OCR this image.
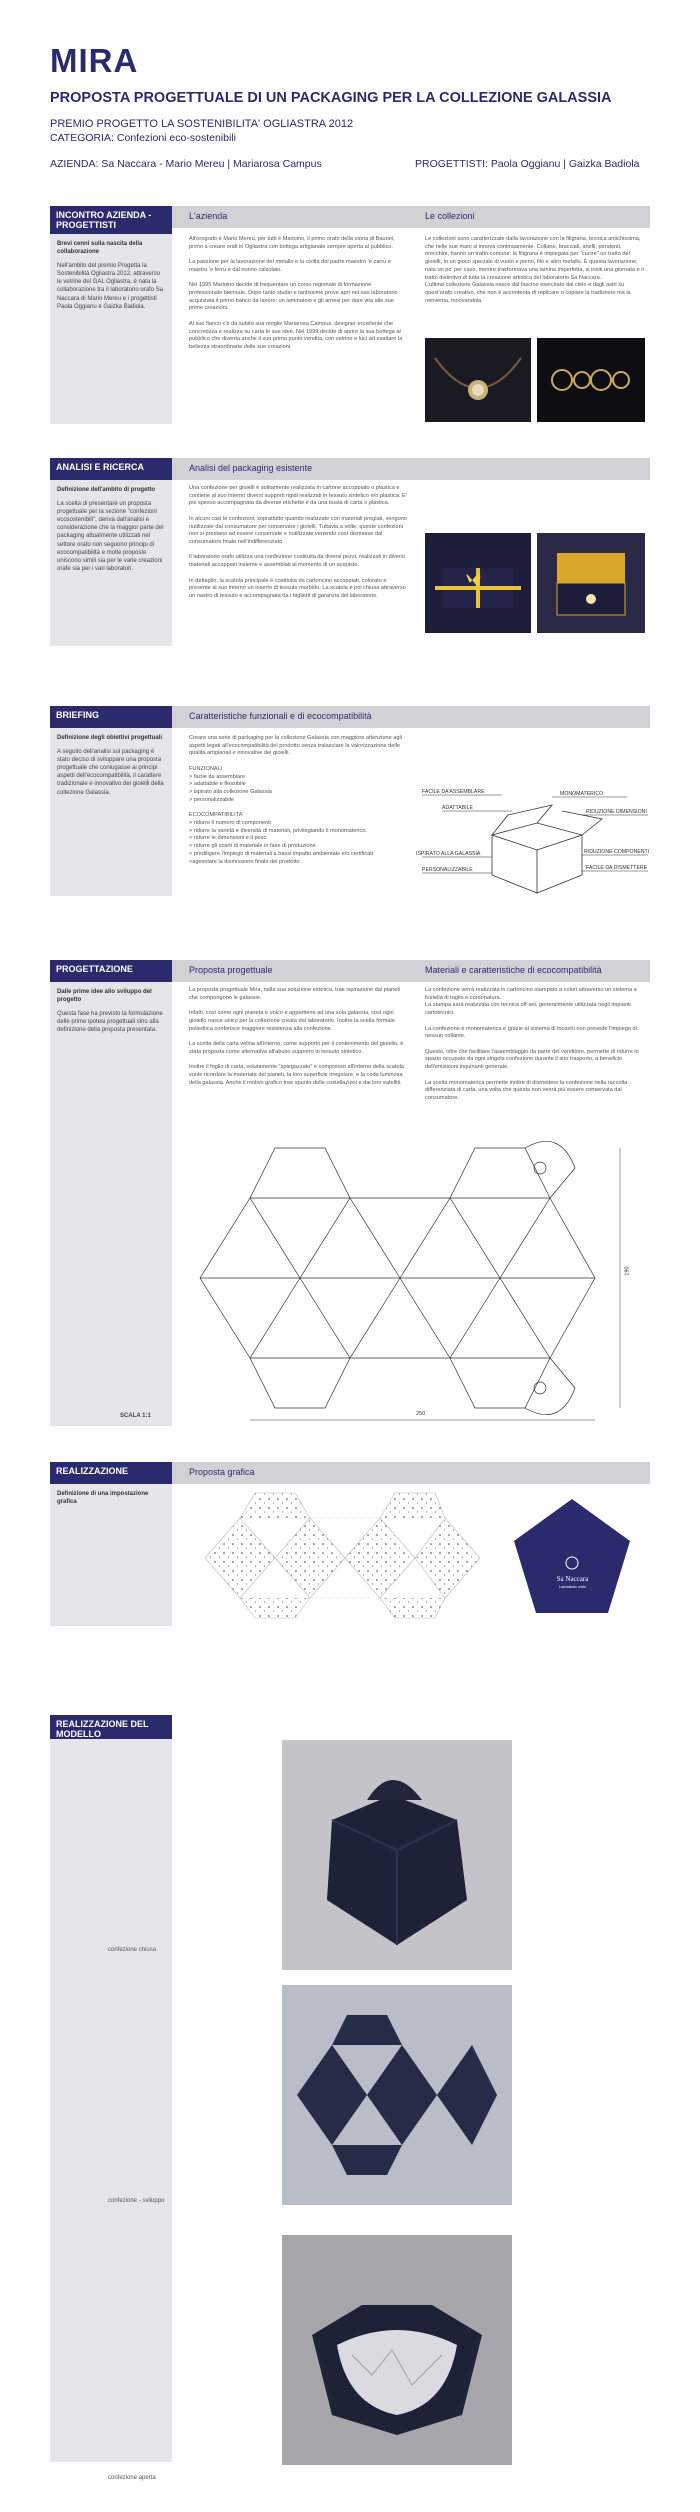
MIRA
PROPOSTA PROGETTUALE DI UN PACKAGING PER LA COLLEZIONE GALASSIA
PREMIO PROGETTO LA SOSTENIBILITA' OGLIASTRA 2012
CATEGORIA: Confezioni eco-sostenibili
AZIENDA: Sa Naccara - Mario Mereu | Mariarosa Campus	PROGETTISTI: Paola Oggianu | Gaizka Badiola
INCONTRO AZIENDA - PROGETTISTI
Brevi cenni sulla nascita della collaborazione
Nell'ambito del premio Progetta la Sostenibilità Ogliastra 2012, attraverso le vetrine del GAL Ogliastra, è nata la collaborazione tra il laboratorio orafo Sa Naccara di Mario Mereu e i progettisti Paola Oggianu e Gaizka Badiola.
L'azienda	Le collezioni
All'orografo è Mario Mereu, per tutti è Marioino, il primo orafo della storia di Baunei, primo a creare orafi in Ogliastra con bottega artigianale sempre aperta al pubblico.

La passione per la lavorazione del metallo e la civiltà del padre maestro 'e carru e maistru 'e ferru e dal nonno calzolaio.

Nel 1995 Marioino decide di frequentare un corso regionale di formazione professionale biennale. Dopo tanto studio e tantissime prove aprì nel suo laboratorio acquistata il primo banco da lavoro: un laminatoio e gli arnesi per dare vita alle sue prime creazioni.

Al suo fianco c'è da subito sua moglie Mariarosa Campus, designer eccellente che concretizza e realizza su carta le sue idee. Nel 1999 decide di aprire la sua bottega al pubblico che diventa anche il suo primo punto vendita, con vetrine e luci ad esaltare la bellezza straordinaria delle sue creazioni.
Le collezioni sono caratterizzate dalla lavorazione con la filigrana, tecnica antichissima, che nelle sue mani si innova continuamente. Collane, bracciali, anelli, pendenti, orecchini, hanno un tratto comune: la filigrana è impiegata per "cucire" un tratto dei gioielli, in un gioco speciale di vuoto e pieno, filo e altro metallo. È questa lavorazione, nata un po' per caso, mentre trasformava una lamina imperfetta, si insiti una giornata e il tratto distintivo di tutta la creazione artistica del laboratorio Sa Naccara.
L'ultima collezione Galassia nasce dal fascino esercitato dal cielo e dagli astri su quest'orafo creativo, che non è accontenta di replicare o copiare la tradizione ma la reinventa, innovandola.
ANALISI E RICERCA
Definizione dell'ambito di progetto
La scelta di presentare un proposta progettuale per la sezione "confezioni ecosostenibili", deriva dall'analisi e considerazione che la maggior parte del packaging attualmente utilizzati nel settore orafo non seguono principi di ecocompatibilità e molte proposte uniscono simili sia per le varie creazioni orafe sia per i vari laboratori.
Analisi del packaging esistente
Una confezione per gioielli è solitamente realizzata in cartone accoppiato o plastica e contiene al suo interno diversi supporti rigidi realizzati in tessuto sintetico e/o plastica. E' poi spesso accompagnata da diverse etichette e da una busta di carta o plastica.

In alcuni casi le confezioni, soprattutto quando realizzate con materiali pregiati, vengono riutilizzate dal consumatore per conservare i gioielli. Tuttavia a volte, queste confezioni non si prestano ad essere conservate e riutilizzate venendo così dismesse dal consumatore finale nell'indifferenziato.

Il laboratorio orafo utilizza una confezione costituita da diversi pezzi, realizzati in diversi materiali accoppiati insieme e assemblati al momento di un acquisto.

In dettaglio, la scatola principale è costituita da cartoncino accoppiati, colorato e presente al suo interno un inserto di tessuto morbido. La scatola è poi chiusa attraverso un nastro di tessuto e accompagnata da i biglietti di garanzia del laboratorio.
BRIEFING
Definizione degli obiettivi progettuali
A seguito dell'analisi sul packaging è stato deciso di sviluppare una proposta progettuale che coniugasse ai principi aspetti dell'ecocompatibilità, il carattere tradizionale e innovativo dei gioielli della collezione Galassia.
Caratteristiche funzionali e di ecocompatibilità
Creare una serie di packaging per la collezione Galassia con maggiore attenzione agli aspetti legati all'ecocompatibilità del prodotto senza tralasciare la valorizzazione delle qualità artigianali e innovative dei gioielli.

FUNZIONALI
> facile da assemblare
> adattabile e flessibile
> ispirato alla collezione Galassia
> personalizzabile

ECOCOMPATIBILITA'
> ridurre il numero di componenti
> ridurre la varietà e diversità di materiali, privilegiando il monomaterico.
> ridurre le dimensioni e il peso
> ridurre gli scarti di materiale in fase di produzione
> prediligere l'impiego di materiali a bassi impatto ambientale e/o certificati
>agevolare la dismissione finale del prodotto
FACILE DA ASSEMBLARE
ADATTABILE
MONOMATERICO
RIDUZIONE DIMENSIONI
ISPIRATO ALLA GALASSIA	RIDUZIONE COMPONENTI
PERSONALIZZABILE	FACILE DA DISMETTERE
PROGETTAZIONE
Dalle prime idee allo sviluppo del progetto
Questa fase ha previsto la formulazione delle prime ipotesi progettuali sino alla definizione della proposta presentata.
SCALA 1:1
Proposta progettuale	Materiali e caratteristiche di ecocompatibilità
La proposta progettuale Mira, nella sua soluzione estetica, trae ispirazione dai pianeti che compongono le galassie.

Infatti, così come ogni pianeta è unico e appartiene ad una sola galassia, così ogni gioiello nasce unico per la collezione creata dal laboratorio. Inoltre la scelta formale poliedrica conferisce maggiore resistenza alla confezione.

La scelta della carta velina all'interno, come supporto per il contenimento del gioiello, è stata proposta come alternativa all'abuso supporto in tessuto sintetico.

Inoltre il foglio di carta, volutamente "spiegazzato" e compresso all'interno della scatola vuole ricordare la materiata dei pianeti, la loro superficie irregolare, e la coda luminosa della galassia. Anche il motivo grafico tree spunto delle costellazioni e dai loro satelliti.
La confezione verrà realizzata in cartoncino stampato a colori attraverso un sistema a fustella di taglio e cordonatura.
La stampa sarà realizzata con tecnica off-set, generalmente utilizzata negli impianti cartotecnici.

La confezione è monomaterica e grazie al sistema di incastri non prevede l'impiego di nessun collante.

Questo, oltre che facilitare l'assemblaggio da parte del venditore, permette di ridurre lo spazio occupato da ogni singola confezione durante il suo trasporto, a beneficio dell'emissioni inquinanti generate.

La scelta monomaterica permette inoltre di dismettere la confezione nella raccolta differenziata di carta, una volta che questa non venrà più essere conservata dal consumatore.
250
190
REALIZZAZIONE
Definizione di una impostazione grafica
Proposta grafica
Sa Naccara
Laboratorio orafo
REALIZZAZIONE DEL MODELLO
confezione chiusa
confezione - sviluppo
confezione aperta
